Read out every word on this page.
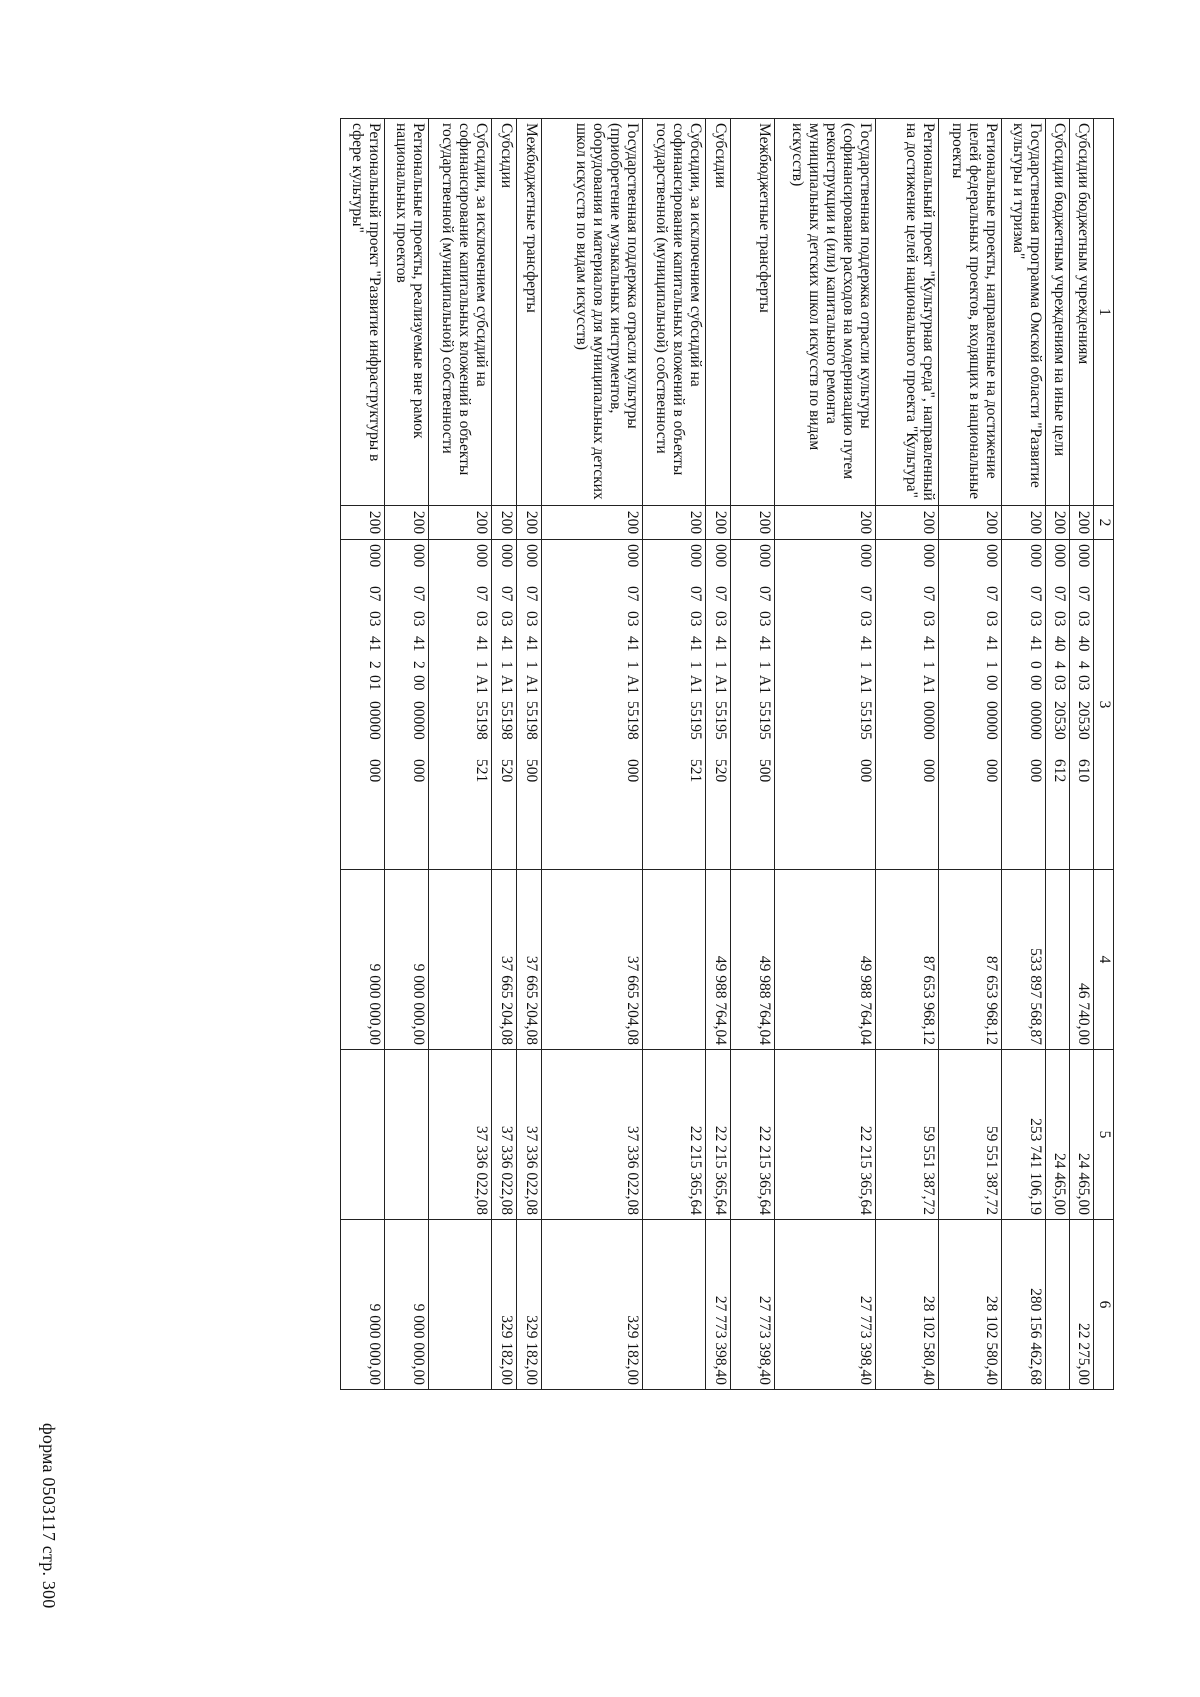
форма 0503117 стр. 300
1	2	3	4	5	6
Субсидии бюджетным учреждениям	200	00007034040320530610	46 740,00	24 465,00	22 275,00
Субсидии бюджетным учреждениям на иные цели	200	00007034040320530612		24 465,00	
Государственная программа Омской области "Развитие культуры и туризма"	200	00007034100000000000	533 897 568,87	253 741 106,19	280 156 462,68
Региональные проекты, направленные на достижение целей федеральных проектов, входящих в национальные проекты	200	00007034110000000000	87 653 968,12	59 551 387,72	28 102 580,40
Региональный проект "Культурная среда", направленный на достижение целей национального проекта "Культура"	200	0000703411A100000000	87 653 968,12	59 551 387,72	28 102 580,40
Государственная поддержка отрасли культуры (софинансирование расходов на модернизацию путем реконструкции и (или) капитального ремонта муниципальных детских школ искусств по видам искусств)	200	0000703411A155195000	49 988 764,04	22 215 365,64	27 773 398,40
Межбюджетные трансферты	200	0000703411A155195500	49 988 764,04	22 215 365,64	27 773 398,40
Субсидии	200	0000703411A155195520	49 988 764,04	22 215 365,64	27 773 398,40
Субсидии, за исключением субсидий на софинансирование капитальных вложений в объекты государственной (муниципальной) собственности	200	0000703411A155195521		22 215 365,64	
Государственная поддержка отрасли культуры (приобретение музыкальных инструментов, оборудования и материалов для муниципальных детских школ искусств по видам искусств)	200	0000703411A155198000	37 665 204,08	37 336 022,08	329 182,00
Межбюджетные трансферты	200	0000703411A155198500	37 665 204,08	37 336 022,08	329 182,00
Субсидии	200	0000703411A155198520	37 665 204,08	37 336 022,08	329 182,00
Субсидии, за исключением субсидий на софинансирование капитальных вложений в объекты государственной (муниципальной) собственности	200	0000703411A155198521		37 336 022,08	
Региональные проекты, реализуемые вне рамок национальных проектов	200	00007034120000000000	9 000 000,00		9 000 000,00
Региональный проект "Развитие инфраструктуры в сфере культуры"	200	00007034120100000000	9 000 000,00		9 000 000,00
